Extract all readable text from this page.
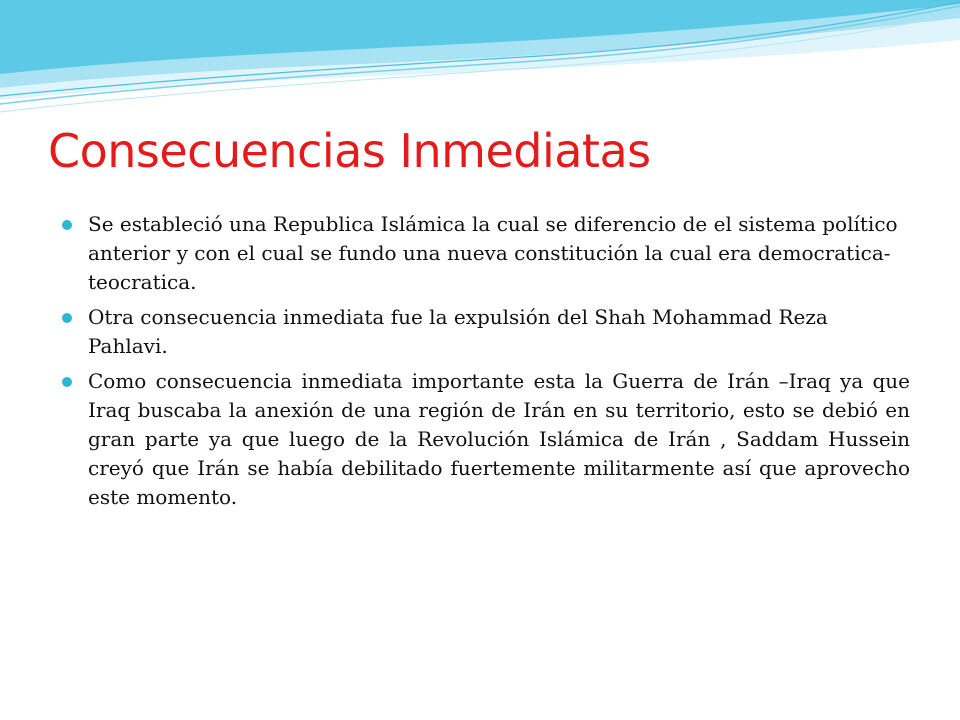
Consecuencias Inmediatas
Se estableció una Republica Islámica la cual se diferencio de el sistema político anterior y con el cual se fundo una nueva constitución la cual era democratica-teocratica.
Otra consecuencia inmediata fue la expulsión del Shah Mohammad Reza Pahlavi.
Como consecuencia inmediata importante esta la Guerra de Irán –Iraq ya que Iraq buscaba la anexión de una región de Irán en su territorio, esto se debió en gran parte ya que luego de la Revolución Islámica de Irán , Saddam Hussein creyó que Irán se había debilitado fuertemente militarmente así que aprovecho este momento.
